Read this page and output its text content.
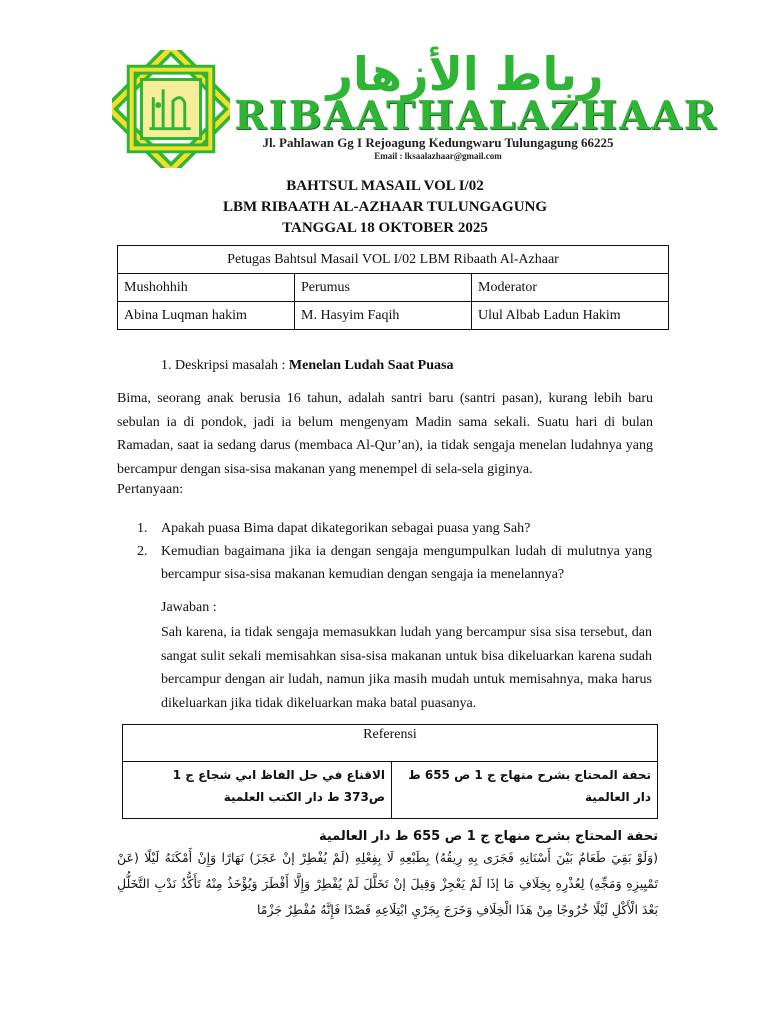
رباط الأزهار
RIBAATHALAZHAAR
Jl. Pahlawan Gg I Rejoagung Kedungwaru Tulungagung 66225
Email : lksaalazhaar@gmail.com
BAHTSUL MASAIL VOL I/02
LBM RIBAATH AL-AZHAAR TULUNGAGUNG
TANGGAL 18 OKTOBER 2025
Petugas Bahtsul Masail VOL I/02 LBM Ribaath Al-Azhaar		
Mushohhih	Perumus	Moderator
Abina Luqman hakim	M. Hasyim Faqih	Ulul Albab Ladun Hakim
1. Deskripsi masalah : Menelan Ludah Saat Puasa
Bima, seorang anak berusia 16 tahun, adalah santri baru (santri pasan), kurang lebih baru sebulan ia di pondok, jadi ia belum mengenyam Madin sama sekali. Suatu hari di bulan Ramadan, saat ia sedang darus (membaca Al-Qur’an), ia tidak sengaja menelan ludahnya yang bercampur dengan sisa-sisa makanan yang menempel di sela-sela giginya.
Pertanyaan:
1. Apakah puasa Bima dapat dikategorikan sebagai puasa yang Sah?
2. Kemudian bagaimana jika ia dengan sengaja mengumpulkan ludah di mulutnya yang bercampur sisa-sisa makanan kemudian dengan sengaja ia menelannya?
Jawaban :
Sah karena, ia tidak sengaja memasukkan ludah yang bercampur sisa sisa tersebut, dan sangat sulit sekali memisahkan sisa-sisa makanan untuk bisa dikeluarkan karena sudah bercampur dengan air ludah, namun jika masih mudah untuk memisahnya, maka harus dikeluarkan jika tidak dikeluarkan maka batal puasanya.
Referensi
الاقناع في حل الفاظ ابي شجاع ج 1 ص373 ط دار الكتب العلمية	تحفة المحتاج بشرح منهاج ج 1 ص 655 ط دار العالمية
تحفة المحتاج بشرح منهاج ج 1 ص 655 ط دار العالمية
(وَلَوْ بَقِيَ طَعَامٌ بَيْنَ أَسْنَانِهِ فَجَرَى بِهِ رِيقُهُ) بِطَبْعِهِ لَا بِفِعْلِهِ (لَمْ يُفْطِرْ إنْ عَجَزَ) نَهَارًا وَإِنْ أَمْكَنَهُ لَيْلًا (عَنْ تَمْيِيزِهِ وَمَجِّهِ) لِعُذْرِهِ بِخِلَافِ مَا إذَا لَمْ يَعْجِزْ وَقِيلَ إنْ تَخَلَّلَ لَمْ يُفْطِرْ وَإِلَّا أَفْطَرَ وَيُؤْخَذُ مِنْهُ تَأَكُّدُ نَدْبِ التَّخَلُّلِ بَعْدَ الْأَكْلِ لَيْلًا خُرُوجًا مِنْ هَذَا الْخِلَافِ وَخَرَجَ بِجَرْيِ ابْتِلَاعِهِ قَصْدًا فَإِنَّهُ مُفْطِرٌ جَزْمًا
